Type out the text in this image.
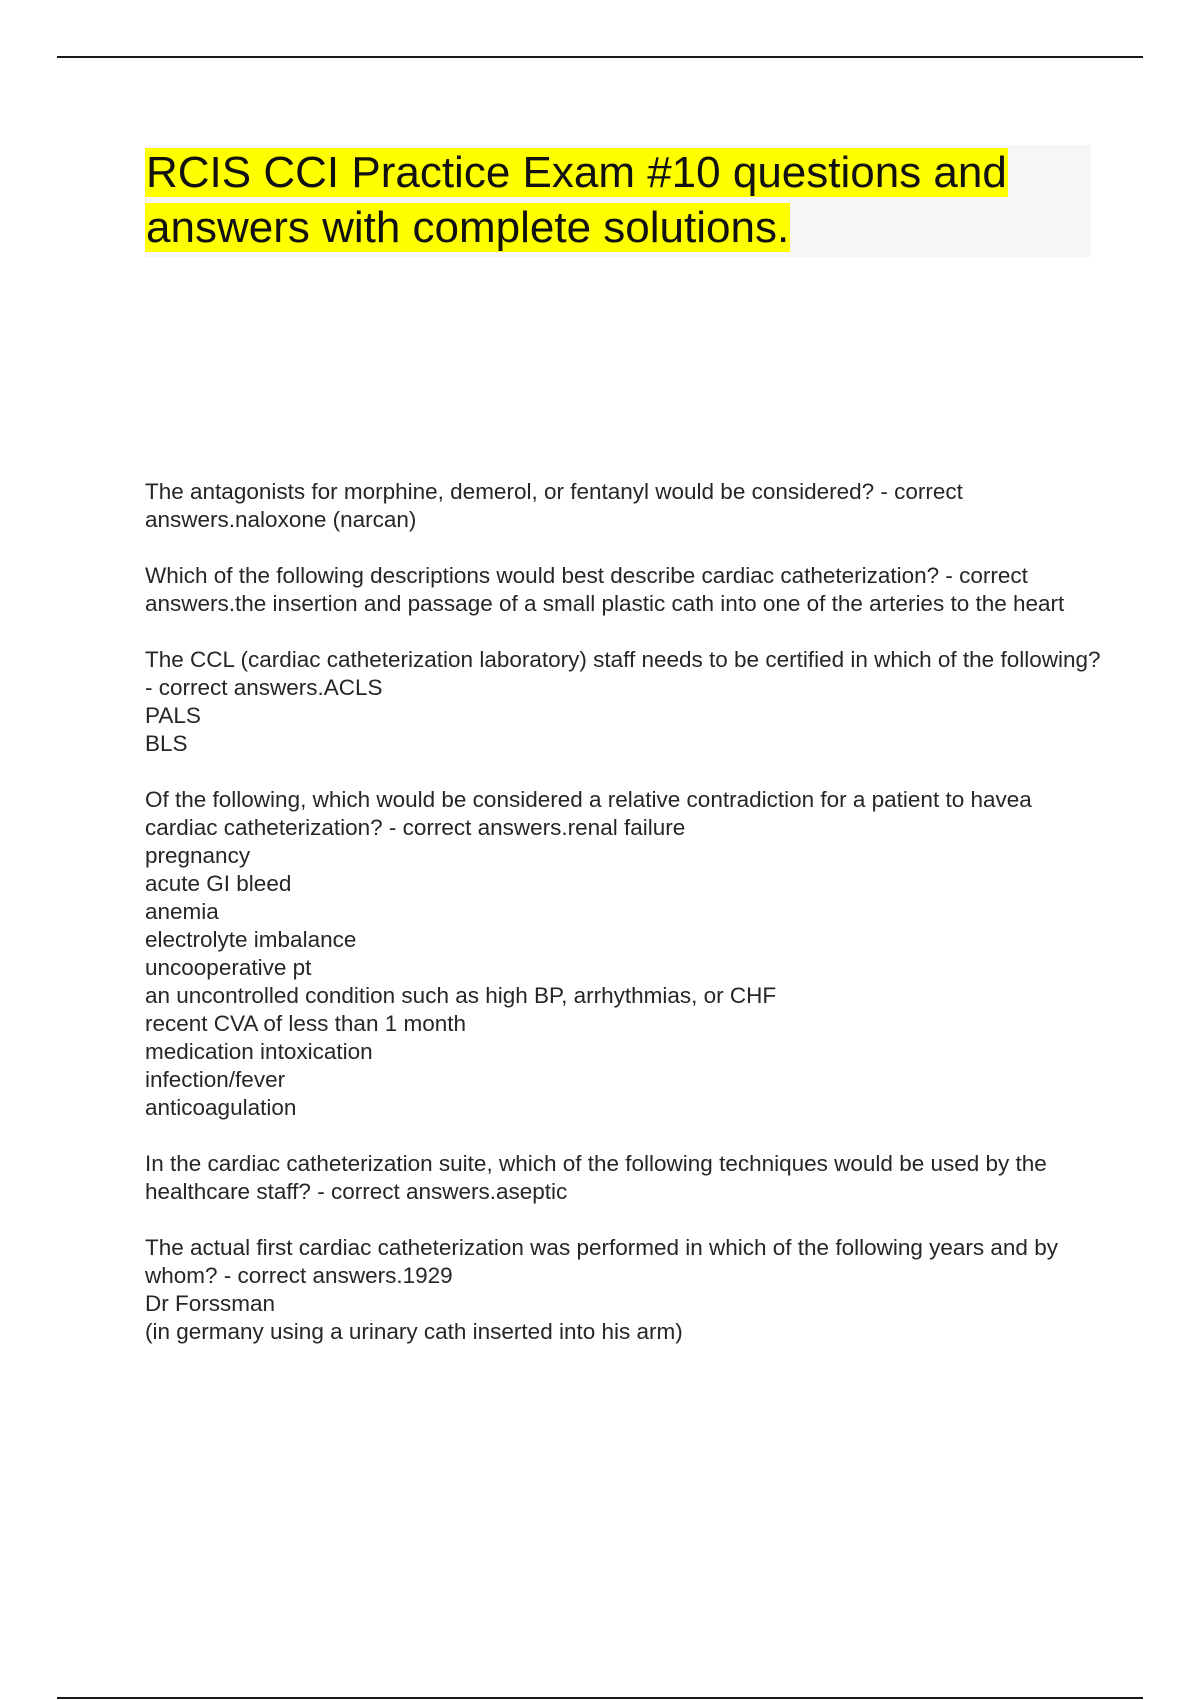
RCIS CCI Practice Exam #10 questions and answers with complete solutions.

The antagonists for morphine, demerol, or fentanyl would be considered? - correct answers.naloxone (narcan)

Which of the following descriptions would best describe cardiac catheterization? - correct answers.the insertion and passage of a small plastic cath into one of the arteries to the heart

The CCL (cardiac catheterization laboratory) staff needs to be certified in which of the following? - correct answers.ACLS

PALS
BLS

Of the following, which would be considered a relative contradiction for a patient to havea cardiac catheterization? - correct answers.renal failure

pregnancy
acute GI bleed
anemia
electrolyte imbalance
uncooperative pt
an uncontrolled condition such as high BP, arrhythmias, or CHF
recent CVA of less than 1 month
medication intoxication
infection/fever
anticoagulation

In the cardiac catheterization suite, which of the following techniques would be used by the healthcare staff? - correct answers.aseptic

The actual first cardiac catheterization was performed in which of the following years and by whom? - correct answers.1929

Dr Forssman
(in germany using a urinary cath inserted into his arm)
